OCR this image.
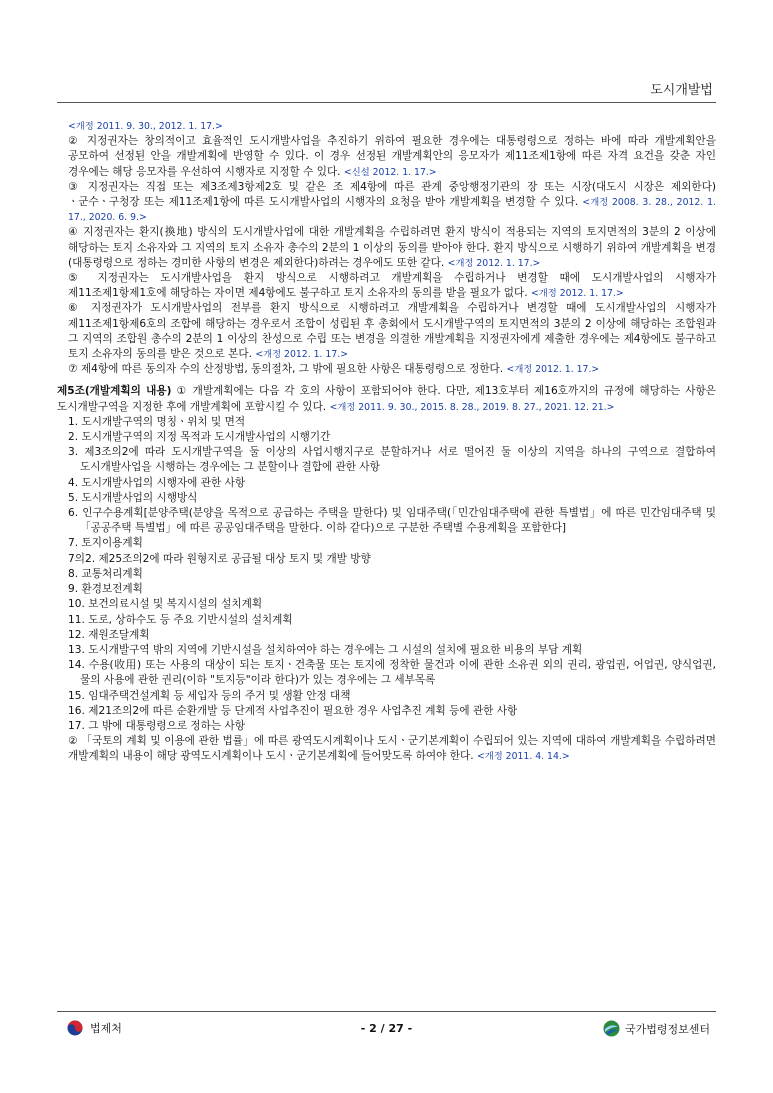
도시개발법

<개정 2011. 9. 30., 2012. 1. 17.>
② 지정권자는 창의적이고 효율적인 도시개발사업을 추진하기 위하여 필요한 경우에는 대통령령으로 정하는 바에 따라 개발계획안을 공모하여 선정된 안을 개발계획에 반영할 수 있다. 이 경우 선정된 개발계획안의 응모자가 제11조제1항에 따른 자격 요건을 갖춘 자인 경우에는 해당 응모자를 우선하여 시행자로 지정할 수 있다. <신설 2012. 1. 17.>

③ 지정권자는 직접 또는 제3조제3항제2호 및 같은 조 제4항에 따른 관계 중앙행정기관의 장 또는 시장(대도시 시장은 제외한다)ㆍ군수ㆍ구청장 또는 제11조제1항에 따른 도시개발사업의 시행자의 요청을 받아 개발계획을 변경할 수 있다. <개정 2008. 3. 28., 2012. 1. 17., 2020. 6. 9.>

④ 지정권자는 환지(換地) 방식의 도시개발사업에 대한 개발계획을 수립하려면 환지 방식이 적용되는 지역의 토지면적의 3분의 2 이상에 해당하는 토지 소유자와 그 지역의 토지 소유자 총수의 2분의 1 이상의 동의를 받아야 한다. 환지 방식으로 시행하기 위하여 개발계획을 변경(대통령령으로 정하는 경미한 사항의 변경은 제외한다)하려는 경우에도 또한 같다. <개정 2012. 1. 17.>

⑤ 지정권자는 도시개발사업을 환지 방식으로 시행하려고 개발계획을 수립하거나 변경할 때에 도시개발사업의 시행자가 제11조제1항제1호에 해당하는 자이면 제4항에도 불구하고 토지 소유자의 동의를 받을 필요가 없다. <개정 2012. 1. 17.>

⑥ 지정권자가 도시개발사업의 전부를 환지 방식으로 시행하려고 개발계획을 수립하거나 변경할 때에 도시개발사업의 시행자가 제11조제1항제6호의 조합에 해당하는 경우로서 조합이 성립된 후 총회에서 도시개발구역의 토지면적의 3분의 2 이상에 해당하는 조합원과 그 지역의 조합원 총수의 2분의 1 이상의 찬성으로 수립 또는 변경을 의결한 개발계획을 지정권자에게 제출한 경우에는 제4항에도 불구하고 토지 소유자의 동의를 받은 것으로 본다. <개정 2012. 1. 17.>

⑦ 제4항에 따른 동의자 수의 산정방법, 동의절차, 그 밖에 필요한 사항은 대통령령으로 정한다. <개정 2012. 1. 17.>

제5조(개발계획의 내용) ① 개발계획에는 다음 각 호의 사항이 포함되어야 한다. 다만, 제13호부터 제16호까지의 규정에 해당하는 사항은 도시개발구역을 지정한 후에 개발계획에 포함시킬 수 있다. <개정 2011. 9. 30., 2015. 8. 28., 2019. 8. 27., 2021. 12. 21.>

1. 도시개발구역의 명칭ㆍ위치 및 면적

2. 도시개발구역의 지정 목적과 도시개발사업의 시행기간

3. 제3조의2에 따라 도시개발구역을 둘 이상의 사업시행지구로 분할하거나 서로 떨어진 둘 이상의 지역을 하나의 구역으로 결합하여 도시개발사업을 시행하는 경우에는 그 분할이나 결합에 관한 사항

4. 도시개발사업의 시행자에 관한 사항

5. 도시개발사업의 시행방식

6. 인구수용계획[분양주택(분양을 목적으로 공급하는 주택을 말한다) 및 임대주택(「민간임대주택에 관한 특별법」에 따른 민간임대주택 및 「공공주택 특별법」에 따른 공공임대주택을 말한다. 이하 같다)으로 구분한 주택별 수용계획을 포함한다]

7. 토지이용계획

7의2. 제25조의2에 따라 원형지로 공급될 대상 토지 및 개발 방향

8. 교통처리계획

9. 환경보전계획

10. 보건의료시설 및 복지시설의 설치계획

11. 도로, 상하수도 등 주요 기반시설의 설치계획

12. 재원조달계획

13. 도시개발구역 밖의 지역에 기반시설을 설치하여야 하는 경우에는 그 시설의 설치에 필요한 비용의 부담 계획

14. 수용(收用) 또는 사용의 대상이 되는 토지ㆍ건축물 또는 토지에 정착한 물건과 이에 관한 소유권 외의 권리, 광업권, 어업권, 양식업권, 물의 사용에 관한 권리(이하 "토지등"이라 한다)가 있는 경우에는 그 세부목록

15. 임대주택건설계획 등 세입자 등의 주거 및 생활 안정 대책

16. 제21조의2에 따른 순환개발 등 단계적 사업추진이 필요한 경우 사업추진 계획 등에 관한 사항

17. 그 밖에 대통령령으로 정하는 사항

② 「국토의 계획 및 이용에 관한 법률」에 따른 광역도시계획이나 도시ㆍ군기본계획이 수립되어 있는 지역에 대하여 개발계획을 수립하려면 개발계획의 내용이 해당 광역도시계획이나 도시ㆍ군기본계획에 들어맞도록 하여야 한다. <개정 2011. 4. 14.>

법제처	- 2 / 27 -	국가법령정보센터
